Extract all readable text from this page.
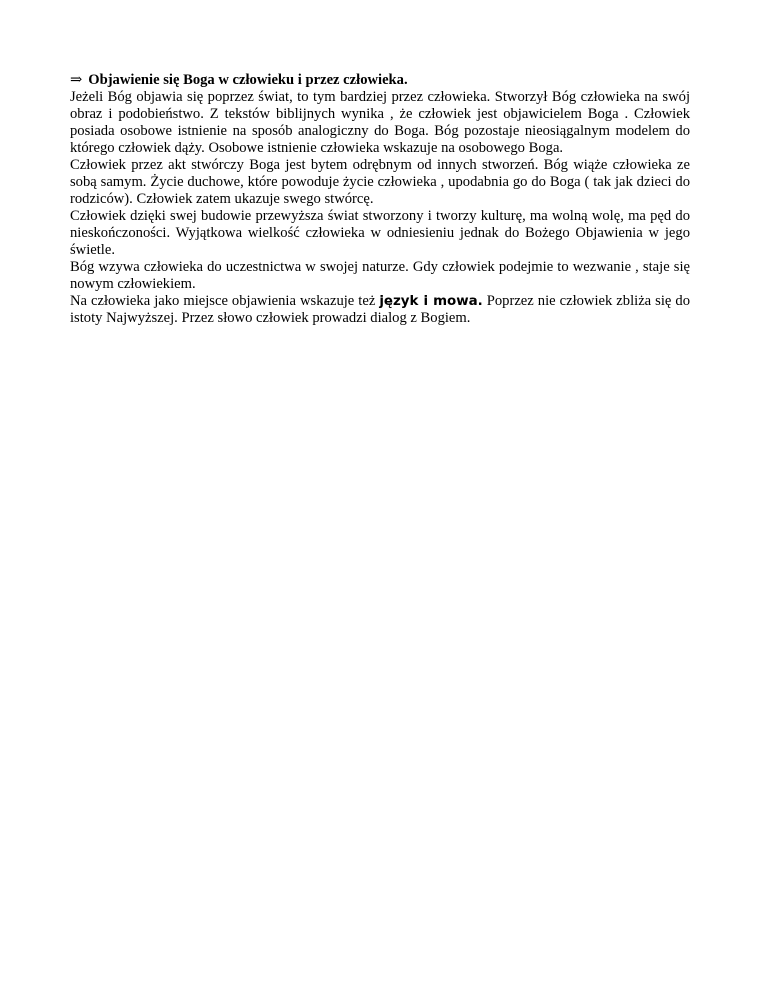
⇒ Objawienie się Boga w człowieku i przez człowieka.

Jeżeli Bóg objawia się poprzez świat, to tym bardziej przez człowieka. Stworzył Bóg człowieka na swój obraz i podobieństwo. Z tekstów biblijnych wynika , że człowiek jest objawicielem Boga . Człowiek posiada osobowe istnienie na sposób analogiczny do Boga. Bóg pozostaje nieosiągalnym modelem do którego człowiek dąży. Osobowe istnienie człowieka wskazuje na osobowego Boga.

Człowiek przez akt stwórczy Boga jest bytem odrębnym od innych stworzeń. Bóg wiąże człowieka ze sobą samym. Życie duchowe, które powoduje życie człowieka , upodabnia go do Boga ( tak jak dzieci do rodziców). Człowiek zatem ukazuje swego stwórcę.

Człowiek dzięki swej budowie przewyższa świat stworzony i tworzy kulturę, ma wolną wolę, ma pęd do nieskończoności. Wyjątkowa wielkość człowieka w odniesieniu jednak do Bożego Objawienia w jego świetle.

Bóg wzywa człowieka do uczestnictwa w swojej naturze. Gdy człowiek podejmie to wezwanie , staje się nowym człowiekiem.

Na człowieka jako miejsce objawienia wskazuje też język i mowa. Poprzez nie człowiek zbliża się do istoty Najwyższej. Przez słowo człowiek prowadzi dialog z Bogiem.
